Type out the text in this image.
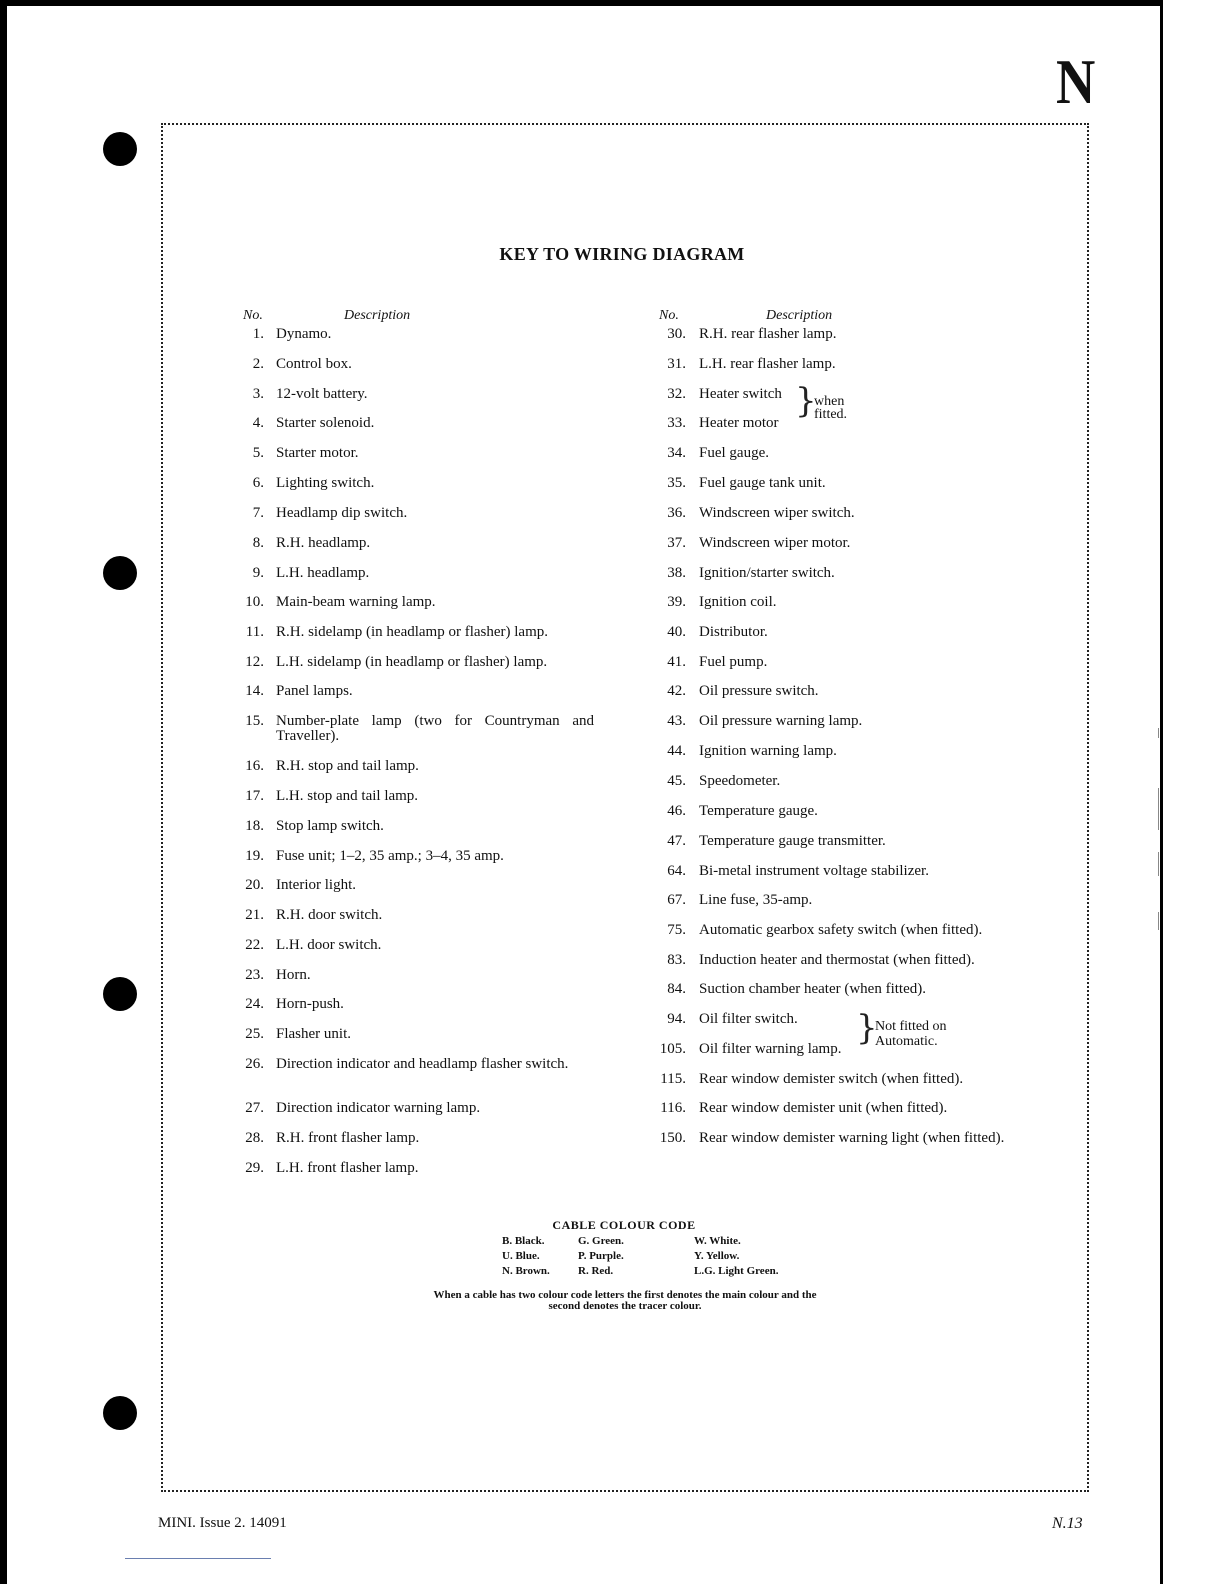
N
KEY TO WIRING DIAGRAM
No.	Description
1. Dynamo.
2. Control box.
3. 12-volt battery.
4. Starter solenoid.
5. Starter motor.
6. Lighting switch.
7. Headlamp dip switch.
8. R.H. headlamp.
9. L.H. headlamp.
10. Main-beam warning lamp.
11. R.H. sidelamp (in headlamp or flasher) lamp.
12. L.H. sidelamp (in headlamp or flasher) lamp.
14. Panel lamps.
15. Number-plate lamp (two for Countryman and Traveller).
16. R.H. stop and tail lamp.
17. L.H. stop and tail lamp.
18. Stop lamp switch.
19. Fuse unit; 1–2, 35 amp.; 3–4, 35 amp.
20. Interior light.
21. R.H. door switch.
22. L.H. door switch.
23. Horn.
24. Horn-push.
25. Flasher unit.
26. Direction indicator and headlamp flasher switch.
27. Direction indicator warning lamp.
28. R.H. front flasher lamp.
29. L.H. front flasher lamp.
No.	Description
30. R.H. rear flasher lamp.
31. L.H. rear flasher lamp.
32. Heater switch
33. Heater motor
34. Fuel gauge.
35. Fuel gauge tank unit.
36. Windscreen wiper switch.
37. Windscreen wiper motor.
38. Ignition/starter switch.
39. Ignition coil.
40. Distributor.
41. Fuel pump.
42. Oil pressure switch.
43. Oil pressure warning lamp.
44. Ignition warning lamp.
45. Speedometer.
46. Temperature gauge.
47. Temperature gauge transmitter.
64. Bi-metal instrument voltage stabilizer.
67. Line fuse, 35-amp.
75. Automatic gearbox safety switch (when fitted).
83. Induction heater and thermostat (when fitted).
84. Suction chamber heater (when fitted).
94. Oil filter switch.
105. Oil filter warning lamp.
115. Rear window demister switch (when fitted).
116. Rear window demister unit (when fitted).
150. Rear window demister warning light (when fitted).
}
when
fitted.
}
Not fitted on
Automatic.
CABLE COLOUR CODE
B. Black.	G. Green.	W. White.
U. Blue.	P. Purple.	Y. Yellow.
N. Brown.	R. Red.	L.G. Light Green.
When a cable has two colour code letters the first denotes the main colour and the second denotes the tracer colour.
MINI. Issue 2. 14091	N.13
